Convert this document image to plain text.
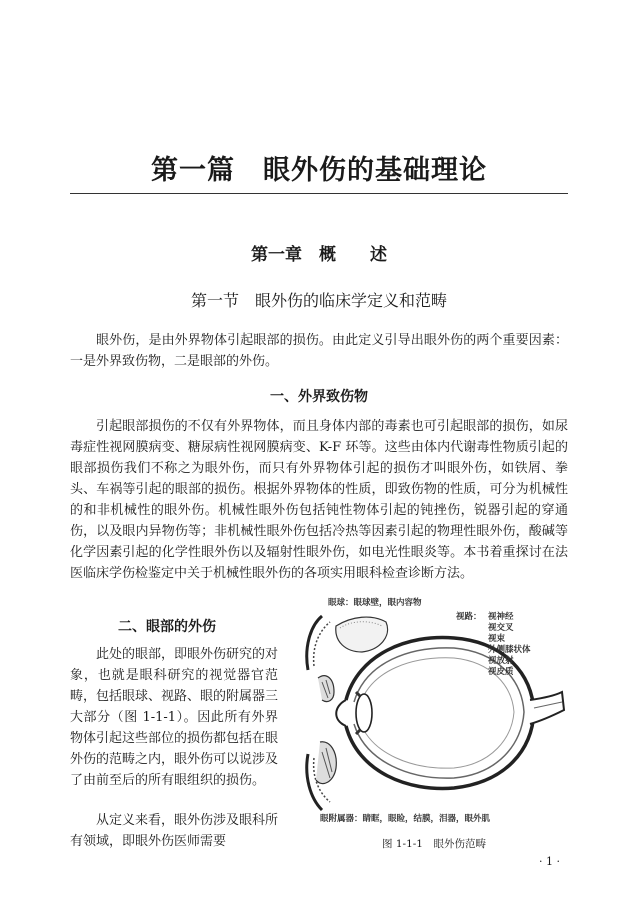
第一篇　眼外伤的基础理论
第一章　概　　述
第一节　眼外伤的临床学定义和范畴

眼外伤，是由外界物体引起眼部的损伤。由此定义引导出眼外伤的两个重要因素：一是外界致伤物，二是眼部的外伤。

一、外界致伤物

引起眼部损伤的不仅有外界物体，而且身体内部的毒素也可引起眼部的损伤，如尿毒症性视网膜病变、糖尿病性视网膜病变、K-F 环等。这些由体内代谢毒性物质引起的眼部损伤我们不称之为眼外伤，而只有外界物体引起的损伤才叫眼外伤，如铁屑、拳头、车祸等引起的眼部的损伤。根据外界物体的性质，即致伤物的性质，可分为机械性的和非机械性的眼外伤。机械性眼外伤包括钝性物体引起的钝挫伤，锐器引起的穿通伤，以及眼内异物伤等；非机械性眼外伤包括冷热等因素引起的物理性眼外伤，酸碱等化学因素引起的化学性眼外伤以及辐射性眼外伤，如电光性眼炎等。本书着重探讨在法医临床学伤检鉴定中关于机械性眼外伤的各项实用眼科检查诊断方法。

二、眼部的外伤

此处的眼部，即眼外伤研究的对象，也就是眼科研究的视觉器官范畴，包括眼球、视路、眼的附属器三大部分（图 1-1-1）。因此所有外界物体引起这些部位的损伤都包括在眼外伤的范畴之内，眼外伤可以说涉及了由前至后的所有眼组织的损伤。

从定义来看，眼外伤涉及眼科所有领域，即眼外伤医师需要

眼球：眼球壁，眼内容物
视路： 视神经
视交叉
视束
外侧膝状体
视放射
视皮质
眼附属器：睛眶，眼睑，结膜，泪器，眼外肌
图 1-1-1　眼外伤范畴
· 1 ·
